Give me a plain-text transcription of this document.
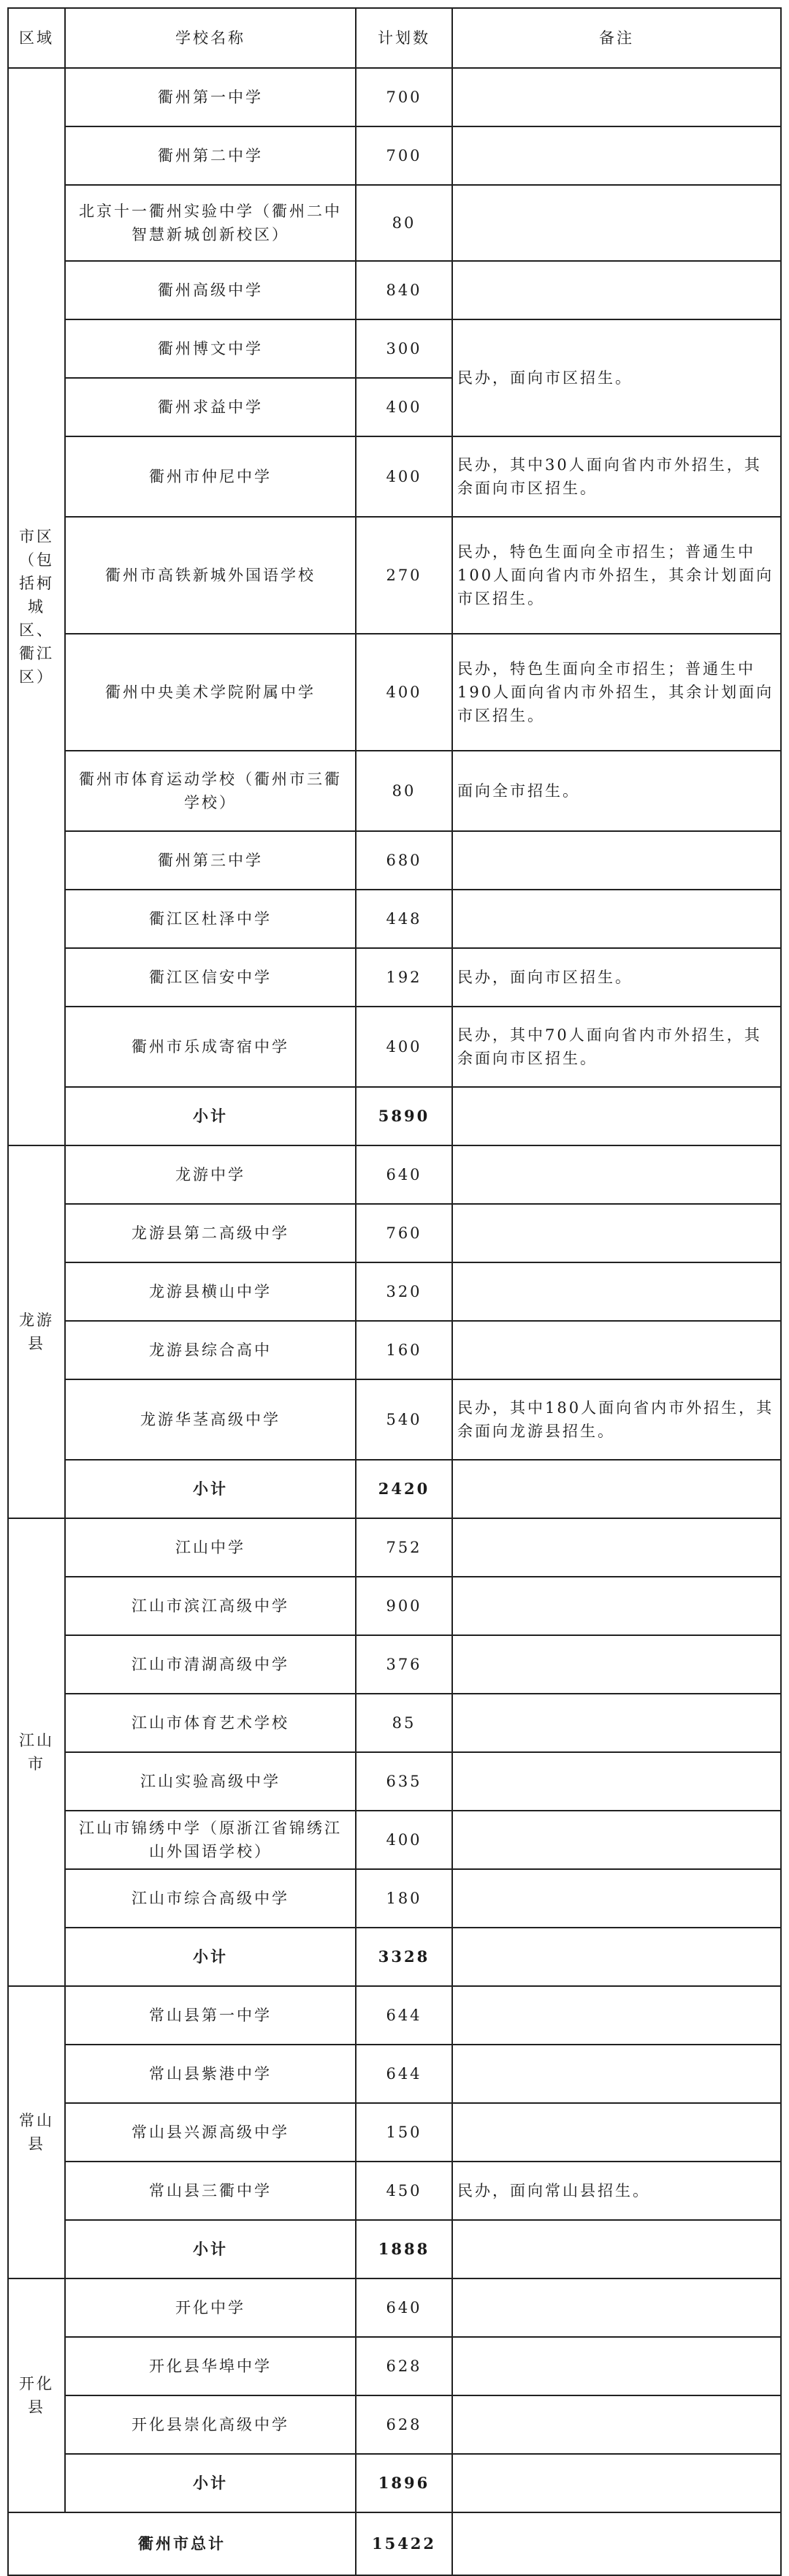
区域	学校名称	计划数	备注
市区（包括柯城区、衢江区）	衢州第一中学	700	
	衢州第二中学	700	
	北京十一衢州实验中学（衢州二中智慧新城创新校区）	80	
	衢州高级中学	840	
	衢州博文中学	300	民办，面向市区招生。
	衢州求益中学	400	
	衢州市仲尼中学	400	民办，其中30人面向省内市外招生，其余面向市区招生。
	衢州市高铁新城外国语学校	270	民办，特色生面向全市招生；普通生中100人面向省内市外招生，其余计划面向市区招生。
	衢州中央美术学院附属中学	400	民办，特色生面向全市招生；普通生中190人面向省内市外招生，其余计划面向市区招生。
	衢州市体育运动学校（衢州市三衢学校）	80	面向全市招生。
	衢州第三中学	680	
	衢江区杜泽中学	448	
	衢江区信安中学	192	民办，面向市区招生。
	衢州市乐成寄宿中学	400	民办，其中70人面向省内市外招生，其余面向市区招生。
	小计	5890	
龙游县	龙游中学	640	
	龙游县第二高级中学	760	
	龙游县横山中学	320	
	龙游县综合高中	160	
	龙游华茎高级中学	540	民办，其中180人面向省内市外招生，其余面向龙游县招生。
	小计	2420	
江山市	江山中学	752	
	江山市滨江高级中学	900	
	江山市清湖高级中学	376	
	江山市体育艺术学校	85	
	江山实验高级中学	635	
	江山市锦绣中学（原浙江省锦绣江山外国语学校）	400	
	江山市综合高级中学	180	
	小计	3328	
常山县	常山县第一中学	644	
	常山县紫港中学	644	
	常山县兴源高级中学	150	
	常山县三衢中学	450	民办，面向常山县招生。
	小计	1888	
开化县	开化中学	640	
	开化县华埠中学	628	
	开化县崇化高级中学	628	
	小计	1896	
衢州市总计		15422	
